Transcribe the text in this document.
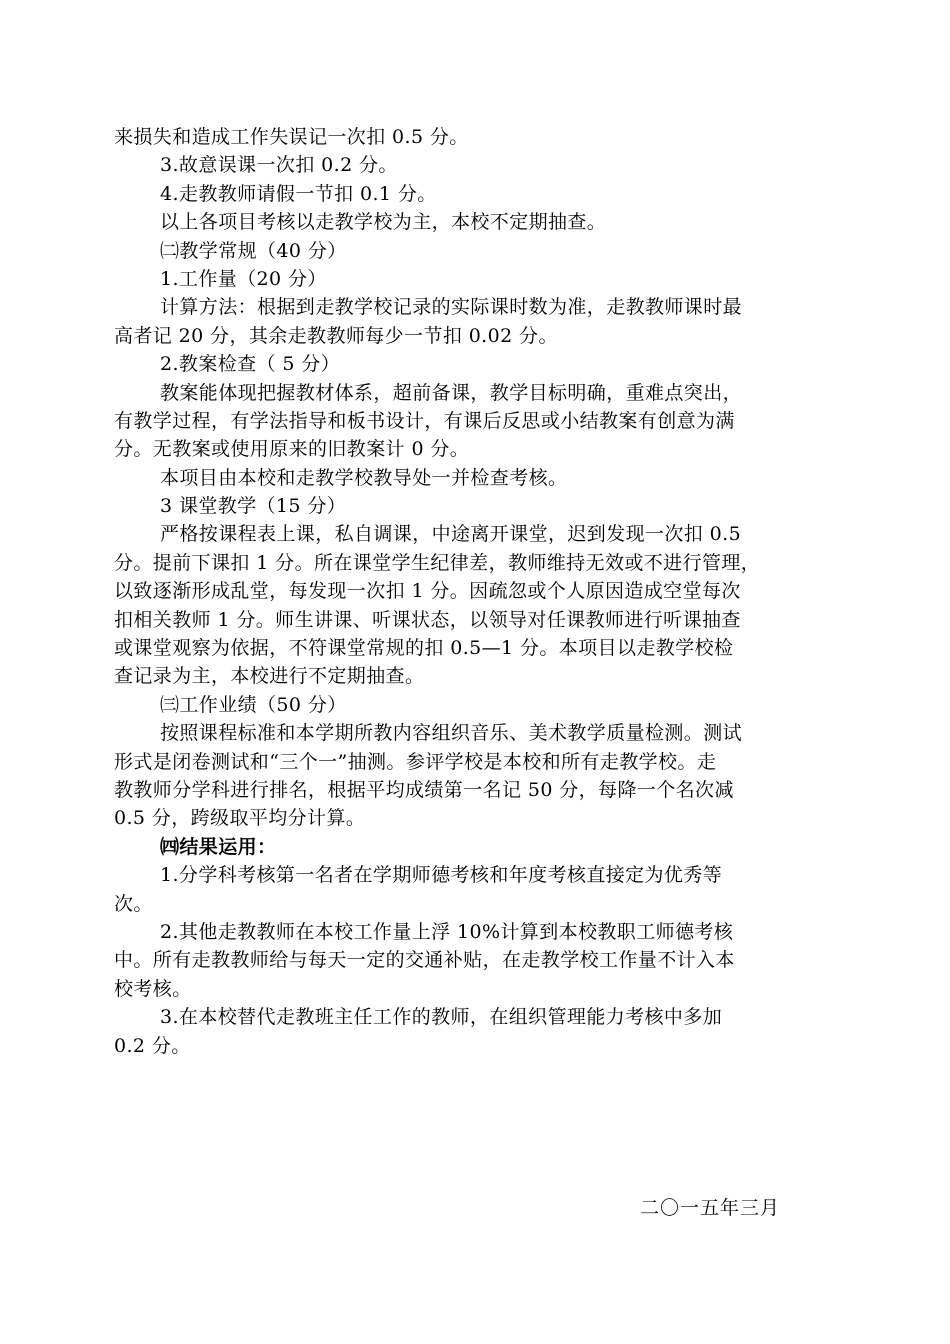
来损失和造成工作失误记一次扣 0.5 分。
3.故意误课一次扣 0.2 分。
4.走教教师请假一节扣 0.1 分。
以上各项目考核以走教学校为主，本校不定期抽查。
㈡教学常规（40 分）
1.工作量（20 分）
计算方法：根据到走教学校记录的实际课时数为准，走教教师课时最
高者记 20 分，其余走教教师每少一节扣 0.02 分。
2.教案检查（ 5 分）
教案能体现把握教材体系，超前备课，教学目标明确，重难点突出，
有教学过程，有学法指导和板书设计，有课后反思或小结教案有创意为满
分。无教案或使用原来的旧教案计 0 分。
本项目由本校和走教学校教导处一并检查考核。
3 课堂教学（15 分）
严格按课程表上课，私自调课，中途离开课堂，迟到发现一次扣 0.5
分。提前下课扣 1 分。所在课堂学生纪律差，教师维持无效或不进行管理，
以致逐渐形成乱堂，每发现一次扣 1 分。因疏忽或个人原因造成空堂每次
扣相关教师 1 分。师生讲课、听课状态，以领导对任课教师进行听课抽查
或课堂观察为依据，不符课堂常规的扣 0.5—1 分。本项目以走教学校检
查记录为主，本校进行不定期抽查。
㈢工作业绩（50 分）
按照课程标准和本学期所教内容组织音乐、美术教学质量检测。测试
形式是闭卷测试和“三个一”抽测。参评学校是本校和所有走教学校。走
教教师分学科进行排名，根据平均成绩第一名记 50 分，每降一个名次减
0.5 分，跨级取平均分计算。
㈣结果运用：
1.分学科考核第一名者在学期师德考核和年度考核直接定为优秀等
次。
2.其他走教教师在本校工作量上浮 10%计算到本校教职工师德考核
中。所有走教教师给与每天一定的交通补贴，在走教学校工作量不计入本
校考核。
3.在本校替代走教班主任工作的教师，在组织管理能力考核中多加
0.2 分。
二〇一五年三月
